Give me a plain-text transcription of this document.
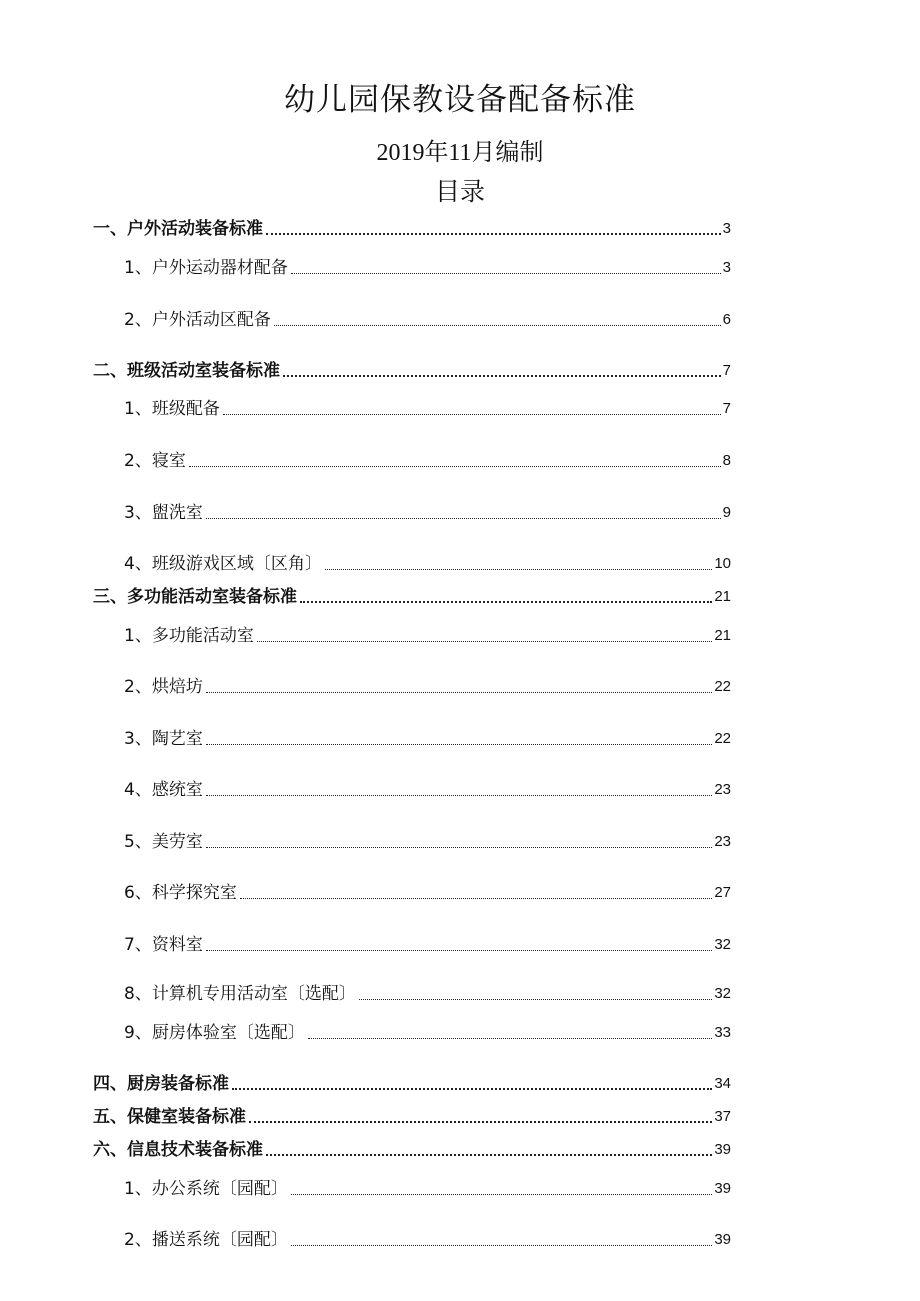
幼儿园保教设备配备标准
2019年11月编制
目录
一、 户外活动装备标准	3
1、 户外运动器材配备	3
2、 户外活动区配备	6
二、 班级活动室装备标准	7
1、 班级配备	7
2、 寝室	8
3、 盥洗室	9
4、 班级游戏区域〔区角〕	10
三、 多功能活动室装备标准	21
1、 多功能活动室	21
2、 烘焙坊	22
3、 陶艺室	22
4、 感统室	23
5、 美劳室	23
6、 科学探究室	27
7、 资料室	32
8、 计算机专用活动室〔选配〕	32
9、 厨房体验室〔选配〕	33
四、 厨房装备标准	34
五、 保健室装备标准	37
六、 信息技术装备标准	39
1、 办公系统〔园配〕	39
2、 播送系统〔园配〕	39
